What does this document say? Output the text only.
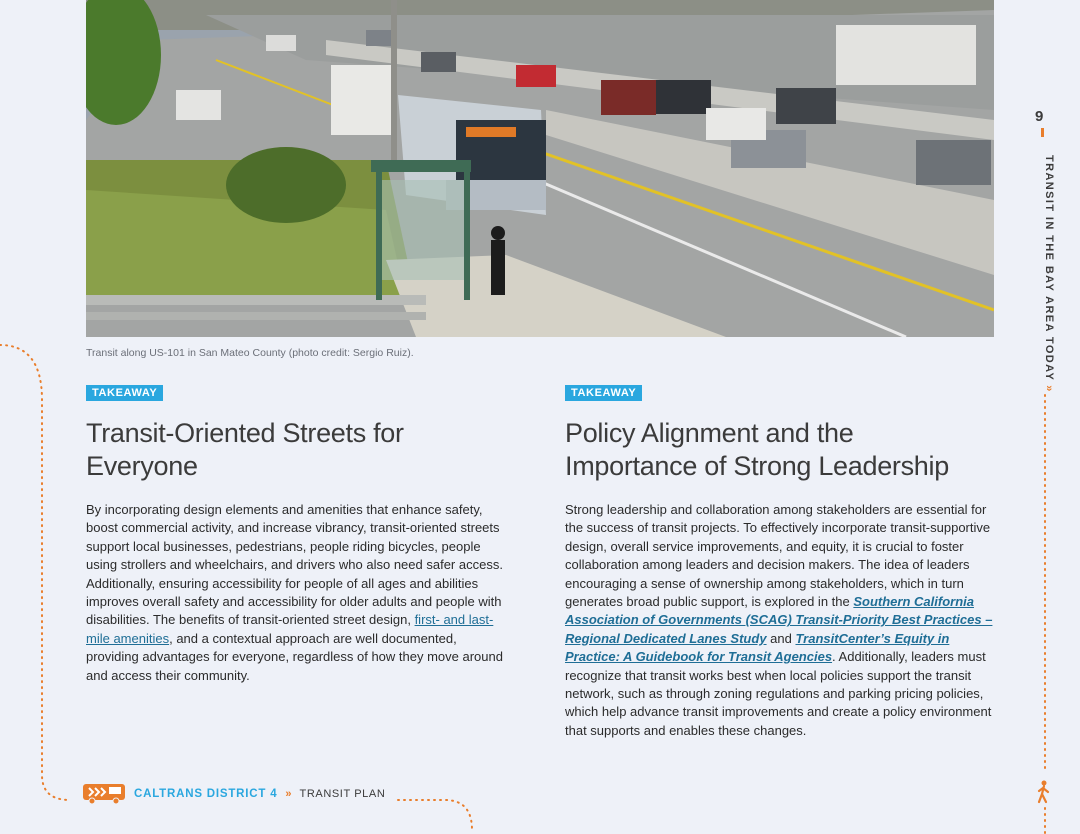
Transit along US-101 in San Mateo County (photo credit: Sergio Ruiz).
TAKEAWAY
Transit-Oriented Streets for
Everyone

By incorporating design elements and amenities that enhance safety, boost commercial activity, and increase vibrancy, transit-oriented streets support local businesses, pedestrians, people riding bicycles, people using strollers and wheelchairs, and drivers who also need safer access. Additionally, ensuring accessibility for people of all ages and abilities improves overall safety and accessibility for older adults and people with disabilities. The benefits of transit-oriented street design, first- and last-mile amenities, and a contextual approach are well documented, providing advantages for everyone, regardless of how they move around and access their community.

TAKEAWAY
Policy Alignment and the
Importance of Strong Leadership

Strong leadership and collaboration among stakeholders are essential for the success of transit projects. To effectively incorporate transit-supportive design, overall service improvements, and equity, it is crucial to foster collaboration among leaders and decision makers. The idea of leaders encouraging a sense of ownership among stakeholders, which in turn generates broad public support, is explored in the Southern California Association of Governments (SCAG) Transit-Priority Best Practices – Regional Dedicated Lanes Study and TransitCenter’s Equity in Practice: A Guidebook for Transit Agencies. Additionally, leaders must recognize that transit works best when local policies support the transit network, such as through zoning regulations and parking pricing policies, which help advance transit improvements and create a policy environment that supports and enables these changes.

9
TRANSIT IN THE BAY AREA TODAY»
CALTRANS DISTRICT 4 » TRANSIT PLAN
